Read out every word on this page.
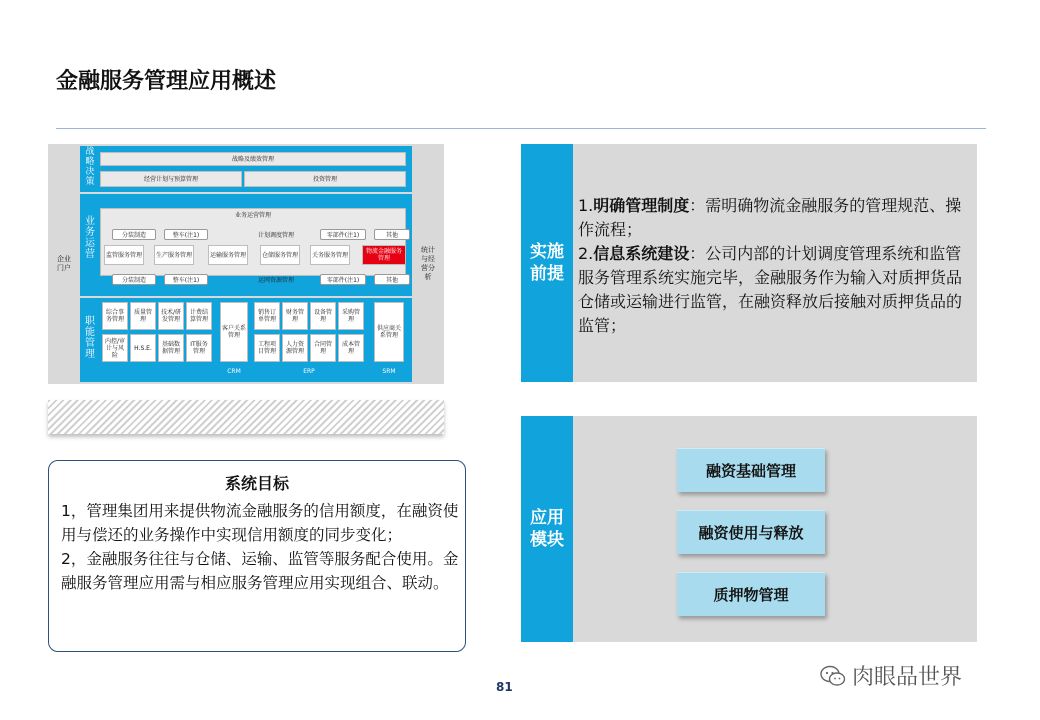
金融服务管理应用概述
企业门户
统计与经营分析
战略决策
战略及绩效管理
经营计划与预算管理	投资管理
业务运营
业务运营管理
分装制造	整车(注1)	计划调度管理	零部件(注1)	其他
监管服务管理	生产服务管理	运输服务管理	仓储服务管理	关务服务管理	物流金融服务管理
分装制造	整车(注1)	运网资源管理	零部件(注1)	其他
职能管理
综合事务管理
质量管理
技术/研发管理
计费结算管理
内控/审计与风险
H.S.E.	基础数据管理
IT服务管理
客户关系管理
销售订单管理
财务管理
设备管理
采购管理
工程项目管理
人力资源管理
合同管理
成本管理
供应商关系管理
CRM	ERP	SRM
系统目标
1，管理集团用来提供物流金融服务的信用额度，在融资使用与偿还的业务操作中实现信用额度的同步变化；
2，金融服务往往与仓储、运输、监管等服务配合使用。金融服务管理应用需与相应服务管理应用实现组合、联动。
实施前提
1.明确管理制度：需明确物流金融服务的管理规范、操作流程；
2.信息系统建设：公司内部的计划调度管理系统和监管服务管理系统实施完毕，金融服务作为输入对质押货品仓储或运输进行监管，在融资释放后接触对质押货品的监管；
应用模块
融资基础管理
融资使用与释放
质押物管理
81	肉眼品世界
